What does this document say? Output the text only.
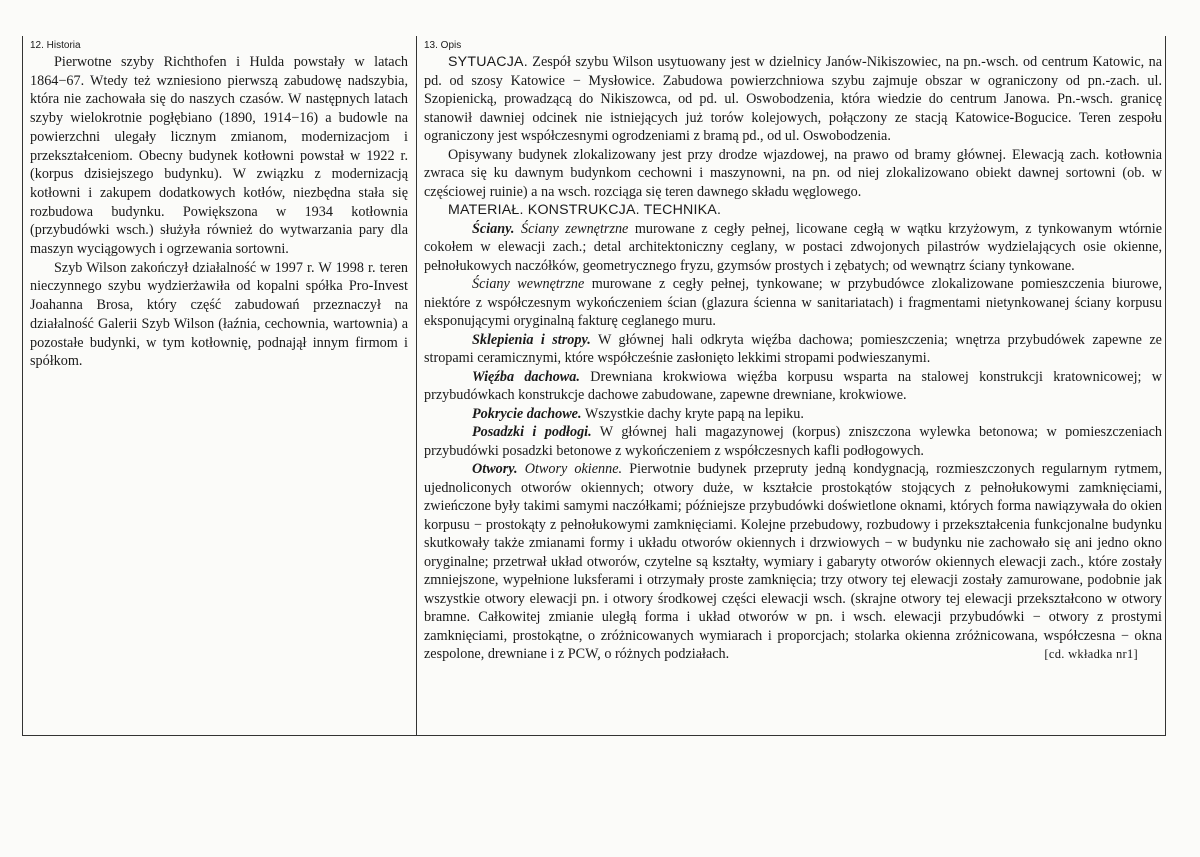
12. Historia

Pierwotne szyby Richthofen i Hulda powstały w latach 1864−67. Wtedy też wzniesiono pierwszą zabudowę nadszybia, która nie zachowała się do naszych czasów. W następnych latach szyby wielokrotnie pogłębiano (1890, 1914−16) a budowle na powierzchni ulegały licznym zmianom, modernizacjom i przekształceniom. Obecny budynek kotłowni powstał w 1922 r. (korpus dzisiejszego budynku). W związku z modernizacją kotłowni i zakupem dodatkowych kotłów, niezbędna stała się rozbudowa budynku. Powiększona w 1934 kotłownia (przybudówki wsch.) służyła również do wytwarzania pary dla maszyn wyciągowych i ogrzewania sortowni.

Szyb Wilson zakończył działalność w 1997 r. W 1998 r. teren nieczynnego szybu wydzierżawiła od kopalni spółka Pro-Invest Joahanna Brosa, który część zabudowań przeznaczył na działalność Galerii Szyb Wilson (łaźnia, cechownia, wartownia) a pozostałe budynki, w tym kotłownię, podnajął innym firmom i spółkom.

13. Opis

SYTUACJA. Zespół szybu Wilson usytuowany jest w dzielnicy Janów-Nikiszowiec, na pn.-wsch. od centrum Katowic, na pd. od szosy Katowice − Mysłowice. Zabudowa powierzchniowa szybu zajmuje obszar w ograniczony od pn.-zach. ul. Szopienicką, prowadzącą do Nikiszowca, od pd. ul. Oswobodzenia, która wiedzie do centrum Janowa. Pn.-wsch. granicę stanowił dawniej odcinek nie istniejących już torów kolejowych, połączony ze stacją Katowice-Bogucice. Teren zespołu ograniczony jest współczesnymi ogrodzeniami z bramą pd., od ul. Oswobodzenia.

Opisywany budynek zlokalizowany jest przy drodze wjazdowej, na prawo od bramy głównej. Elewacją zach. kotłownia zwraca się ku dawnym budynkom cechowni i maszynowni, na pn. od niej zlokalizowano obiekt dawnej sortowni (ob. w częściowej ruinie) a na wsch. rozciąga się teren dawnego składu węglowego.

MATERIAŁ. KONSTRUKCJA. TECHNIKA.

Ściany. Ściany zewnętrzne murowane z cegły pełnej, licowane cegłą w wątku krzyżowym, z tynkowanym wtórnie cokołem w elewacji zach.; detal architektoniczny ceglany, w postaci zdwojonych pilastrów wydzielających osie okienne, pełnołukowych naczółków, geometrycznego fryzu, gzymsów prostych i zębatych; od wewnątrz ściany tynkowane.

Ściany wewnętrzne murowane z cegły pełnej, tynkowane; w przybudówce zlokalizowane pomieszczenia biurowe, niektóre z współczesnym wykończeniem ścian (glazura ścienna w sanitariatach) i fragmentami nietynkowanej ściany korpusu eksponującymi oryginalną fakturę ceglanego muru.

Sklepienia i stropy. W głównej hali odkryta więźba dachowa; pomieszczenia; wnętrza przybudówek zapewne ze stropami ceramicznymi, które współcześnie zasłonięto lekkimi stropami podwieszanymi.

Więźba dachowa. Drewniana krokwiowa więźba korpusu wsparta na stalowej konstrukcji kratownicowej; w przybudówkach konstrukcje dachowe zabudowane, zapewne drewniane, krokwiowe.

Pokrycie dachowe. Wszystkie dachy kryte papą na lepiku.

Posadzki i podłogi. W głównej hali magazynowej (korpus) zniszczona wylewka betonowa; w pomieszczeniach przybudówki posadzki betonowe z wykończeniem z współczesnych kafli podłogowych.

Otwory. Otwory okienne. Pierwotnie budynek przepruty jedną kondygnacją, rozmieszczonych regularnym rytmem, ujednoliconych otworów okiennych; otwory duże, w kształcie prostokątów stojących z pełnołukowymi zamknięciami, zwieńczone były takimi samymi naczółkami; późniejsze przybudówki doświetlone oknami, których forma nawiązywała do okien korpusu − prostokąty z pełnołukowymi zamknięciami. Kolejne przebudowy, rozbudowy i przekształcenia funkcjonalne budynku skutkowały także zmianami formy i układu otworów okiennych i drzwiowych − w budynku nie zachowało się ani jedno okno oryginalne; przetrwał układ otworów, czytelne są kształty, wymiary i gabaryty otworów okiennych elewacji zach., które zostały zmniejszone, wypełnione luksferami i otrzymały proste zamknięcia; trzy otwory tej elewacji zostały zamurowane, podobnie jak wszystkie otwory elewacji pn. i otwory środkowej części elewacji wsch. (skrajne otwory tej elewacji przekształcono w otwory bramne. Całkowitej zmianie uległą forma i układ otworów w pn. i wsch. elewacji przybudówki − otwory z prostymi zamknięciami, prostokątne, o zróżnicowanych wymiarach i proporcjach; stolarka okienna zróżnicowana, współczesna − okna zespolone, drewniane i z PCW, o różnych podziałach.	[cd. wkładka nr1]
